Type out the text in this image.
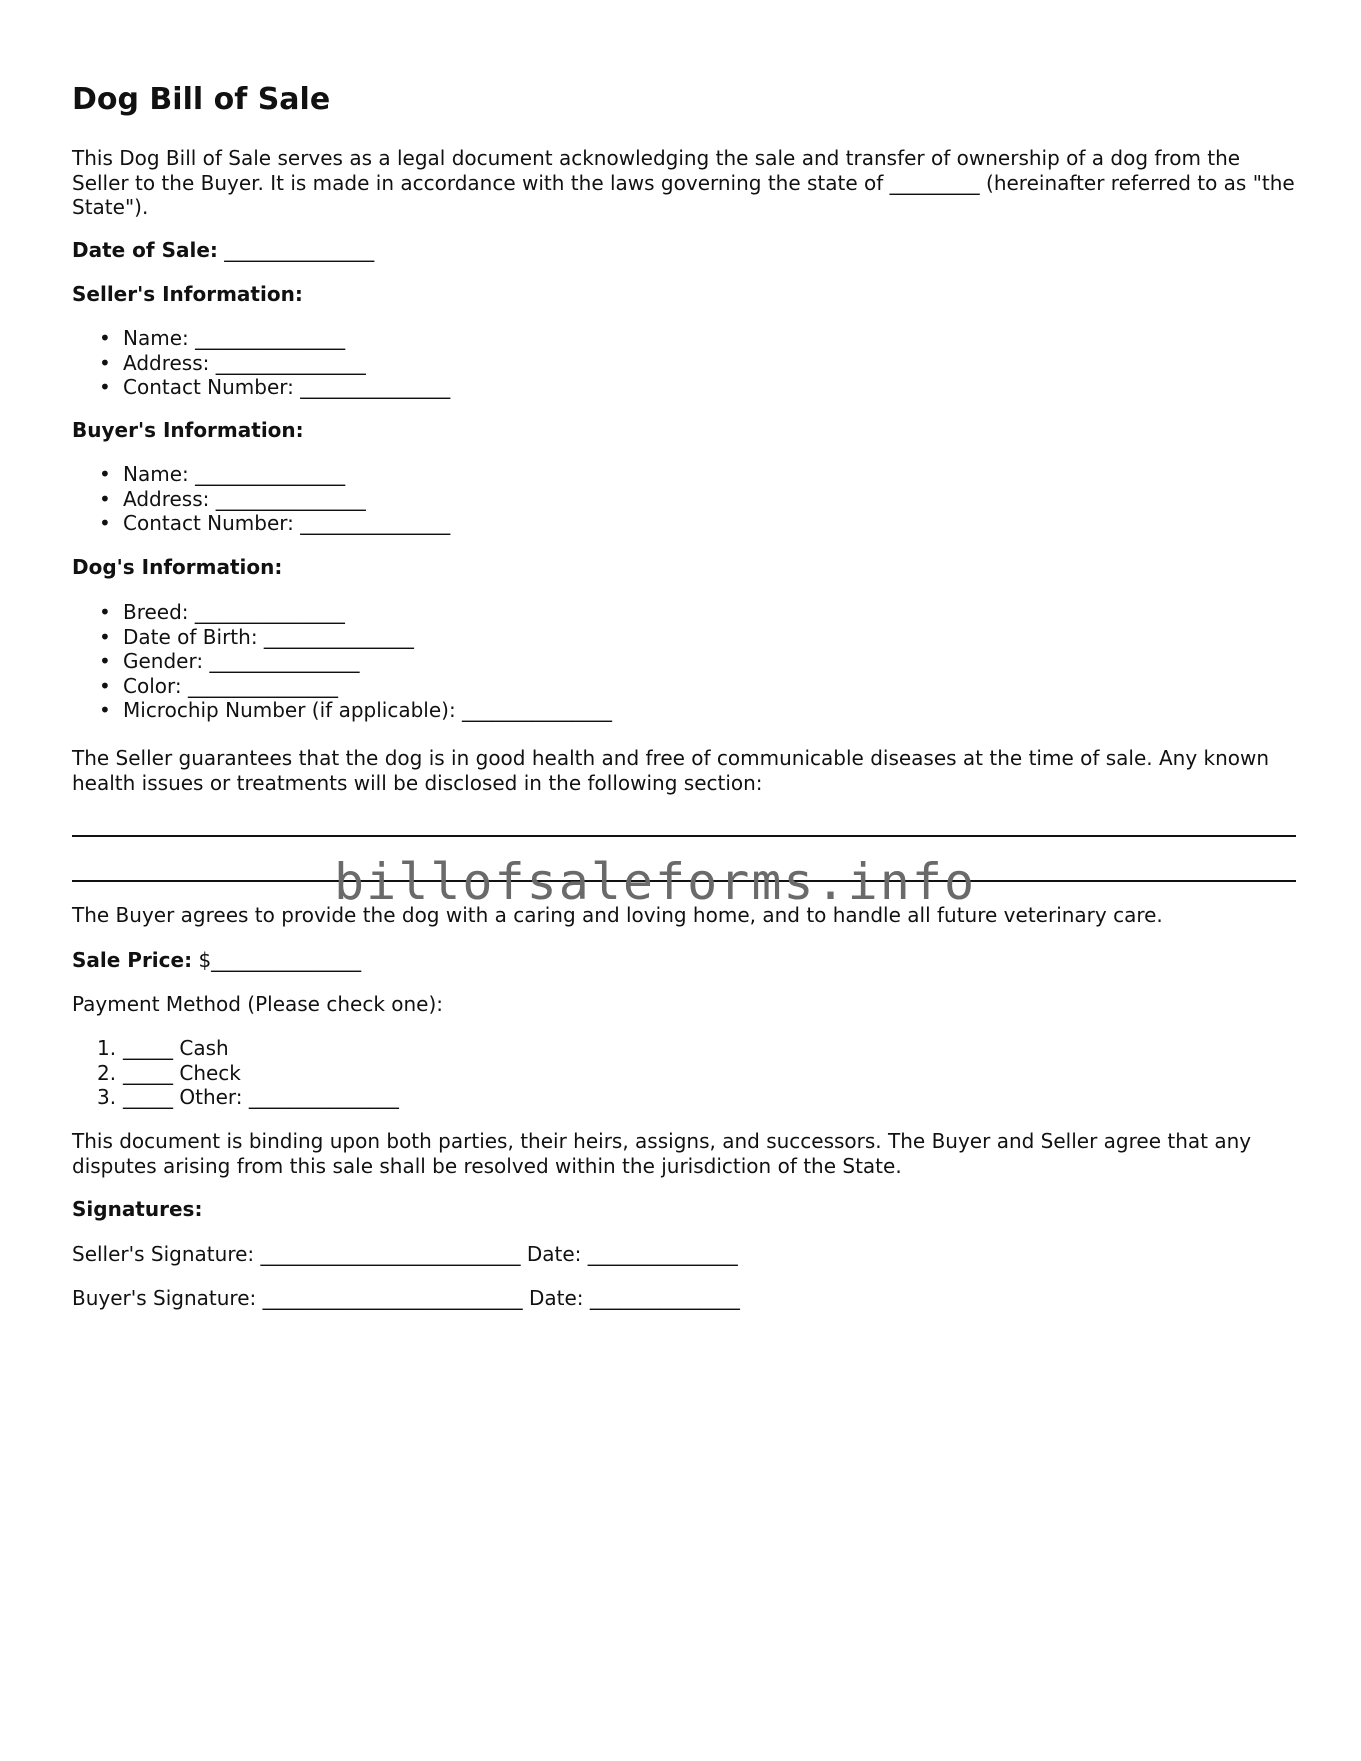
Dog Bill of Sale

This Dog Bill of Sale serves as a legal document acknowledging the sale and transfer of ownership of a dog from the Seller to the Buyer. It is made in accordance with the laws governing the state of _________ (hereinafter referred to as "the State").

Date of Sale: _______________

Seller's Information:

• Name: _______________
• Address: _______________
• Contact Number: _______________

Buyer's Information:

• Name: _______________
• Address: _______________
• Contact Number: _______________

Dog's Information:

• Breed: _______________
• Date of Birth: _______________
• Gender: _______________
• Color: _______________
• Microchip Number (if applicable): _______________

The Seller guarantees that the dog is in good health and free of communicable diseases at the time of sale. Any known health issues or treatments will be disclosed in the following section:

billofsaleforms.info

The Buyer agrees to provide the dog with a caring and loving home, and to handle all future veterinary care.

Sale Price: $_______________

Payment Method (Please check one):

1. _____ Cash
2. _____ Check
3. _____ Other: _______________

This document is binding upon both parties, their heirs, assigns, and successors. The Buyer and Seller agree that any disputes arising from this sale shall be resolved within the jurisdiction of the State.

Signatures:

Seller's Signature: __________________________ Date: _______________

Buyer's Signature: __________________________ Date: _______________
